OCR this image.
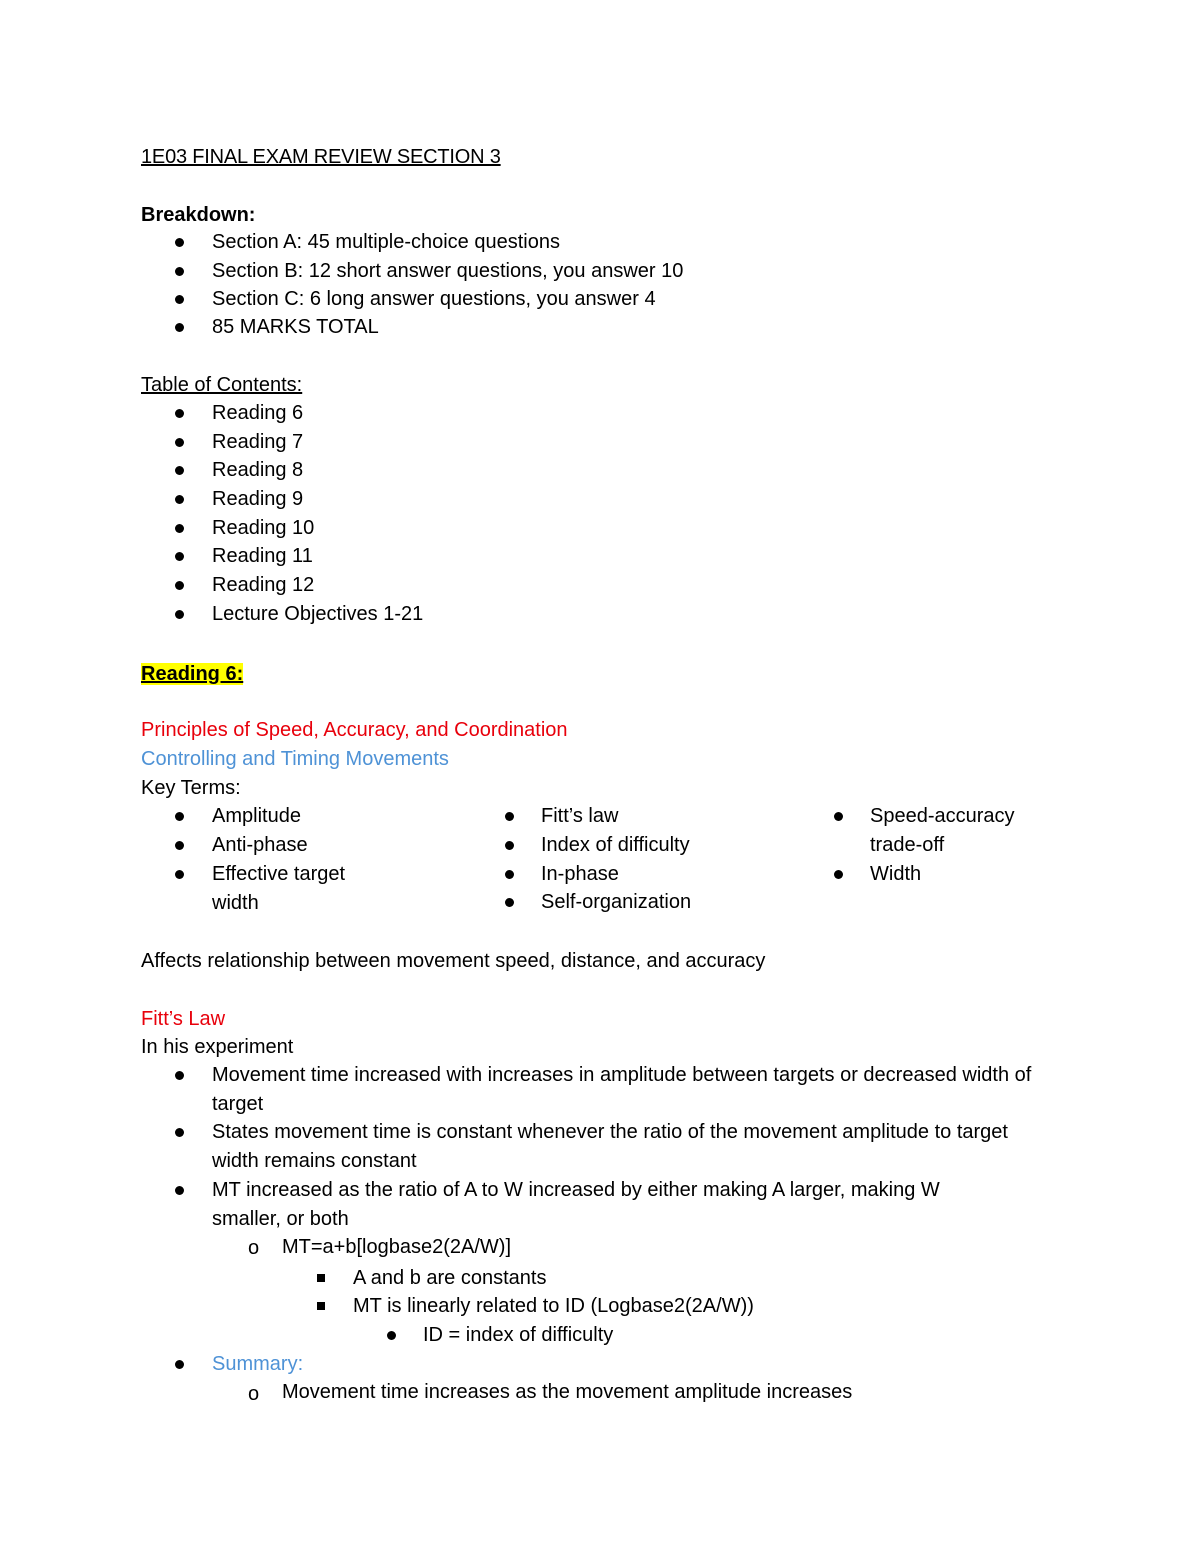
1E03 FINAL EXAM REVIEW SECTION 3
Breakdown:
Section A: 45 multiple-choice questions
Section B: 12 short answer questions, you answer 10
Section C: 6 long answer questions, you answer 4
85 MARKS TOTAL
Table of Contents:
Reading 6
Reading 7
Reading 8
Reading 9
Reading 10
Reading 11
Reading 12
Lecture Objectives 1-21
Reading 6:
Principles of Speed, Accuracy, and Coordination
Controlling and Timing Movements
Key Terms:
Amplitude
Anti-phase
Effective target width
Fitt’s law
Index of difficulty
In-phase
Self-organization
Speed-accuracy trade-off
Width
Affects relationship between movement speed, distance, and accuracy
Fitt’s Law
In his experiment
Movement time increased with increases in amplitude between targets or decreased width of target
States movement time is constant whenever the ratio of the movement amplitude to target width remains constant
MT increased as the ratio of A to W increased by either making A larger, making W smaller, or both
o MT=a+b[logbase2(2A/W)]
A and b are constants
MT is linearly related to ID (Logbase2(2A/W))
ID = index of difficulty
Summary:
o Movement time increases as the movement amplitude increases
